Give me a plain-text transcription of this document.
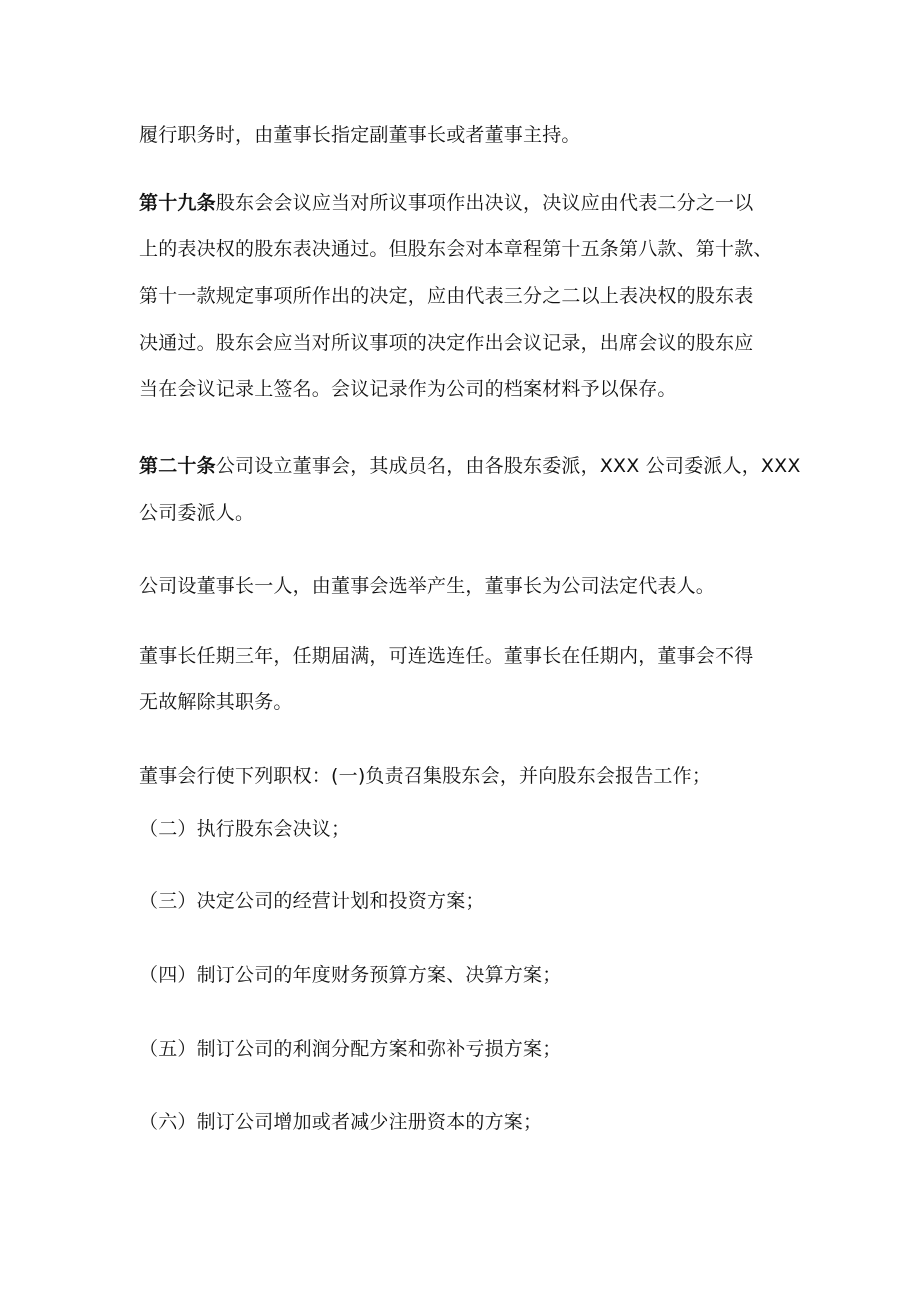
履行职务时，由董事长指定副董事长或者董事主持。
第十九条股东会会议应当对所议事项作出决议，决议应由代表二分之一以
上的表决权的股东表决通过。但股东会对本章程第十五条第八款、第十款、
第十一款规定事项所作出的决定，应由代表三分之二以上表决权的股东表
决通过。股东会应当对所议事项的决定作出会议记录，出席会议的股东应
当在会议记录上签名。会议记录作为公司的档案材料予以保存。
第二十条公司设立董事会，其成员名，由各股东委派，XXX 公司委派人，XXX
公司委派人。
公司设董事长一人，由董事会选举产生，董事长为公司法定代表人。
董事长任期三年，任期届满，可连选连任。董事长在任期内，董事会不得
无故解除其职务。
董事会行使下列职权：(一)负责召集股东会，并向股东会报告工作；
（二）执行股东会决议；
（三）决定公司的经营计划和投资方案；
（四）制订公司的年度财务预算方案、决算方案；
（五）制订公司的利润分配方案和弥补亏损方案；
（六）制订公司增加或者减少注册资本的方案；
